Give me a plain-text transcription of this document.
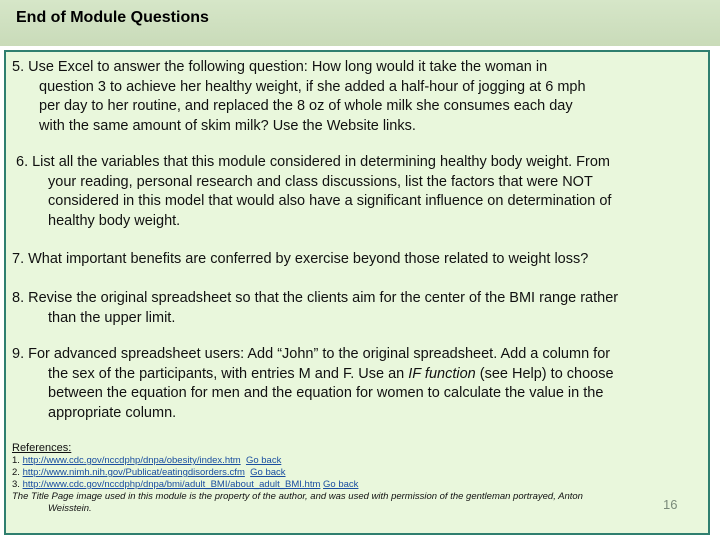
End of Module Questions
5. Use Excel to answer the following question: How long would it take the woman in
question 3 to achieve her healthy weight, if she added a half-hour of jogging at 6 mph
per day to her routine, and replaced the 8 oz of whole milk she consumes each day
with the same amount of skim milk? Use the Website links.
6. List all the variables that this module considered in determining healthy body weight. From
your reading, personal research and class discussions, list the factors that were NOT
considered in this model that would also have a significant influence on determination of
healthy body weight.
7. What important benefits are conferred by exercise beyond those related to weight loss?
8. Revise the original spreadsheet so that the clients aim for the center of the BMI range rather
than the upper limit.
9. For advanced spreadsheet users: Add “John” to the original spreadsheet. Add a column for
the sex of the participants, with entries M and F. Use an IF function (see Help) to choose
between the equation for men and the equation for women to calculate the value in the
appropriate column.
References:
1. http://www.cdc.gov/nccdphp/dnpa/obesity/index.htm Go back
2. http://www.nimh.nih.gov/Publicat/eatingdisorders.cfm Go back
3. http://www.cdc.gov/nccdphp/dnpa/bmi/adult_BMI/about_adult_BMI.htm Go back
The Title Page image used in this module is the property of the author, and was used with permission of the gentleman portrayed, Anton
Weisstein.	16
